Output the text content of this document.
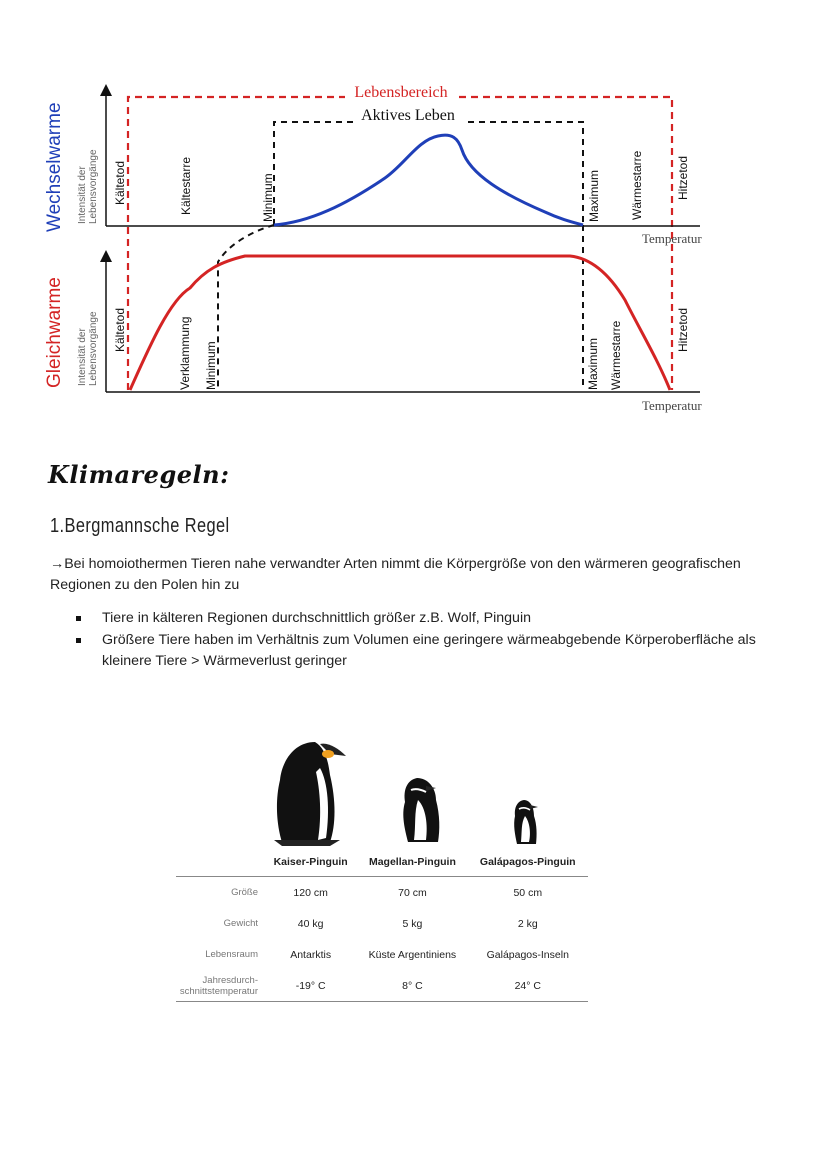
Lebensbereich
Aktives Leben
Wechselwarme Intensität der Lebensvorgänge
Gleichwarme Intensität der Lebensvorgänge
Kältetod	Kältestarre	Minimum	Maximum Wärmestarre	Hitzetod
Temperatur
Kältetod	Verklammung Minimum	Maximum Wärmestarre	Hitzetod
Temperatur
Klimaregeln:
1.Bergmannsche Regel
→Bei homoiothermen Tieren nahe verwandter Arten nimmt die Körpergröße von den wärmeren geografischen Regionen zu den Polen hin zu
Tiere in kälteren Regionen durchschnittlich größer z.B. Wolf, Pinguin
Größere Tiere haben im Verhältnis zum Volumen eine geringere wärmeabgebende Körperoberfläche als kleinere Tiere > Wärmeverlust geringer
	Kaiser-Pinguin	Magellan-Pinguin	Galápagos-Pinguin
Größe	120 cm	70 cm	50 cm
Gewicht	40 kg	5 kg	2 kg
Lebensraum	Antarktis	Küste Argentiniens	Galápagos-Inseln

Jahresdurch-
schnittstemperatur	-19° C	8° C	24° C
